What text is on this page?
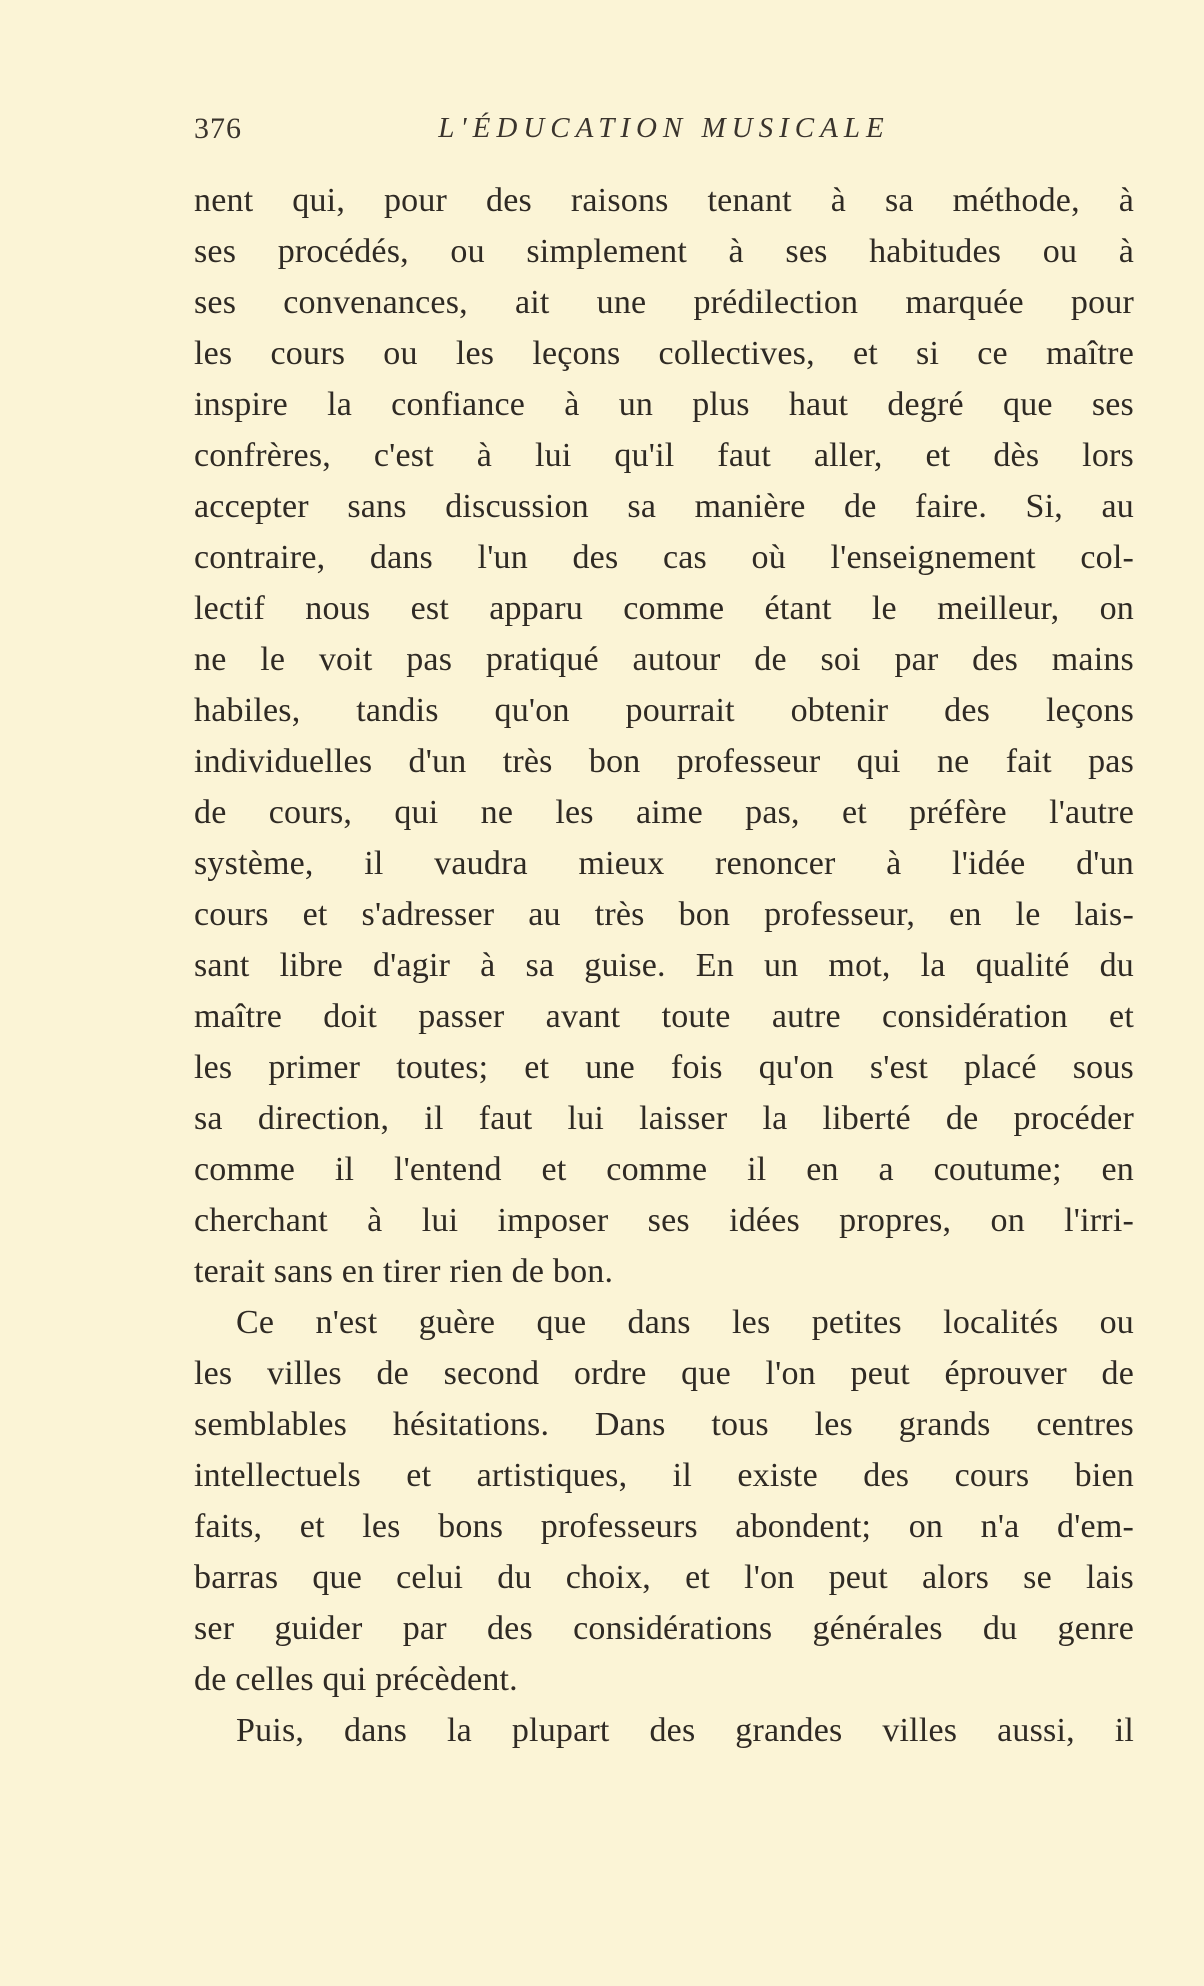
376	L'ÉDUCATION MUSICALE
nent qui, pour des raisons tenant à sa méthode, à
ses procédés, ou simplement à ses habitudes ou à
ses convenances, ait une prédilection marquée pour
les cours ou les leçons collectives, et si ce maître
inspire la confiance à un plus haut degré que ses
confrères, c'est à lui qu'il faut aller, et dès lors
accepter sans discussion sa manière de faire. Si, au
contraire, dans l'un des cas où l'enseignement col-
lectif nous est apparu comme étant le meilleur, on
ne le voit pas pratiqué autour de soi par des mains
habiles, tandis qu'on pourrait obtenir des leçons
individuelles d'un très bon professeur qui ne fait pas
de cours, qui ne les aime pas, et préfère l'autre
système, il vaudra mieux renoncer à l'idée d'un
cours et s'adresser au très bon professeur, en le lais-
sant libre d'agir à sa guise. En un mot, la qualité du
maître doit passer avant toute autre considération et
les primer toutes; et une fois qu'on s'est placé sous
sa direction, il faut lui laisser la liberté de procéder
comme il l'entend et comme il en a coutume; en
cherchant à lui imposer ses idées propres, on l'irri-
terait sans en tirer rien de bon.
Ce n'est guère que dans les petites localités ou
les villes de second ordre que l'on peut éprouver de
semblables hésitations. Dans tous les grands centres
intellectuels et artistiques, il existe des cours bien
faits, et les bons professeurs abondent; on n'a d'em-
barras que celui du choix, et l'on peut alors se lais
ser guider par des considérations générales du genre
de celles qui précèdent.
Puis, dans la plupart des grandes villes aussi, il
